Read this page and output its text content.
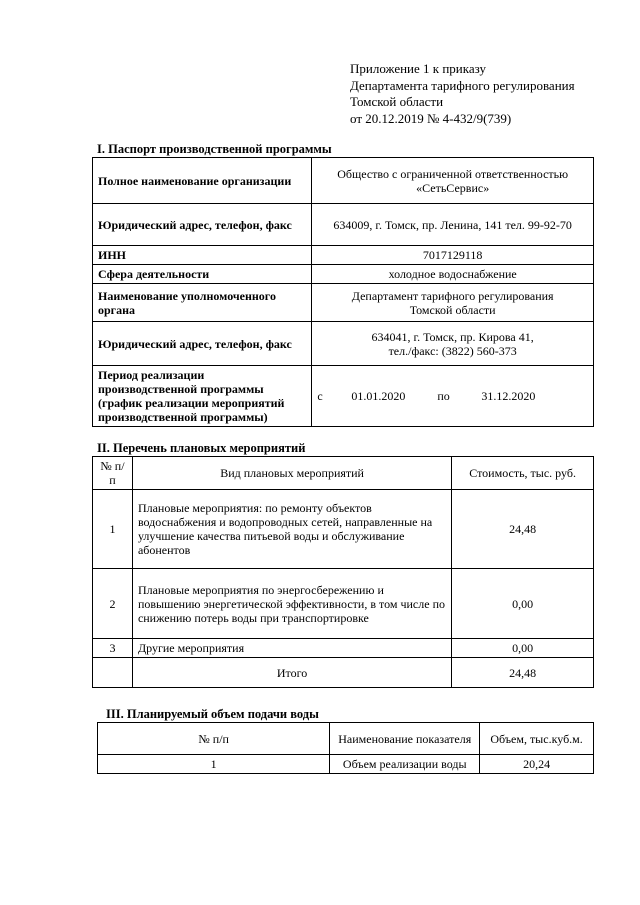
Приложение 1 к приказу
Департамента тарифного регулирования
Томской области
от 20.12.2019 № 4-432/9(739)
I. Паспорт производственной программы
Полное наименование организации	Общество с ограниченной ответственностью
«СетьСервис»

Юридический адрес, телефон, факс	634009, г. Томск, пр. Ленина, 141 тел. 99-92-70
ИНН	7017129118
Сфера деятельности	холодное водоснабжение
Наименование уполномоченного органа	Департамент тарифного регулирования
Томской области

Юридический адрес, телефон, факс	634041, г. Томск, пр. Кирова 41,
тел./факс: (3822) 560-373

Период реализации производственной программы (график реализации мероприятий производственной программы)	с 01.01.2020 по 31.12.2020
II. Перечень плановых мероприятий
№ п/п	Вид плановых мероприятий	Стоимость, тыс. руб.
1	Плановые мероприятия: по ремонту объектов водоснабжения и водопроводных сетей, направленные на улучшение качества питьевой воды и обслуживание абонентов	24,48
2	Плановые мероприятия по энергосбережению и повышению энергетической эффективности, в том числе по снижению потерь воды при транспортировке	0,00
3	Другие мероприятия	0,00
	Итого	24,48
III. Планируемый объем подачи воды
№ п/п	Наименование показателя	Объем, тыс.куб.м.
1	Объем реализации воды	20,24
